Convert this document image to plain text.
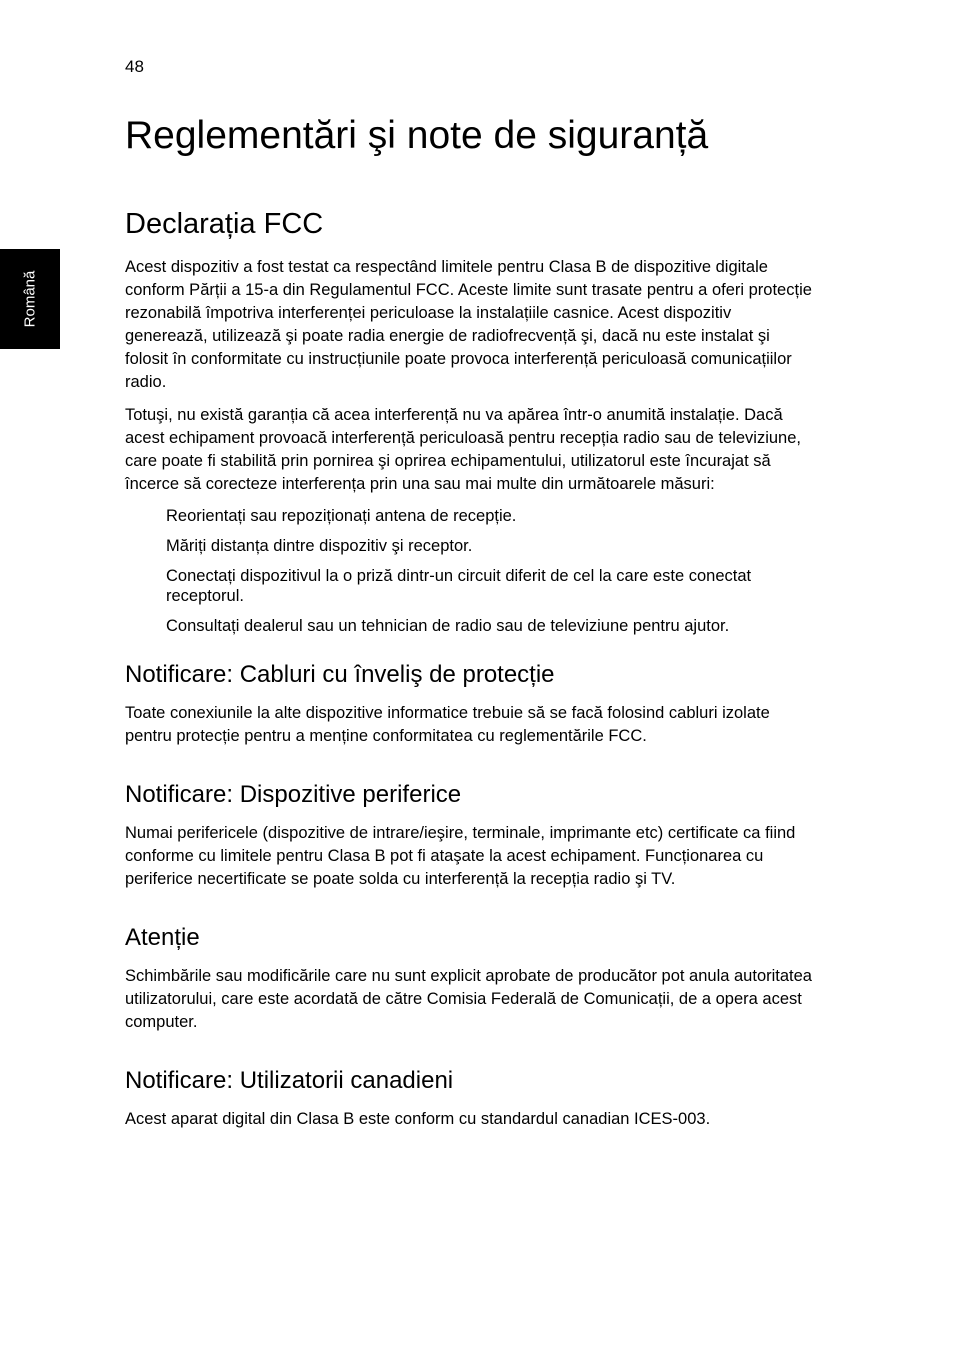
48
Română
Reglementări şi note de siguranță
Declarația FCC

Acest dispozitiv a fost testat ca respectând limitele pentru Clasa B de dispozitive digitale conform Părții a 15-a din Regulamentul FCC. Aceste limite sunt trasate pentru a oferi protecție rezonabilă împotriva interferenței periculoase la instalațiile casnice. Acest dispozitiv generează, utilizează şi poate radia energie de radiofrecvență şi, dacă nu este instalat şi folosit în conformitate cu instrucțiunile poate provoca interferență periculoasă comunicațiilor radio.

Totuşi, nu există garanția că acea interferență nu va apărea într-o anumită instalație. Dacă acest echipament provoacă interferență periculoasă pentru recepția radio sau de televiziune, care poate fi stabilită prin pornirea şi oprirea echipamentului, utilizatorul este încurajat să încerce să corecteze interferența prin una sau mai multe din următoarele măsuri:

Reorientați sau repoziționați antena de recepție.
Măriți distanța dintre dispozitiv şi receptor.
Conectați dispozitivul la o priză dintr-un circuit diferit de cel la care este conectat receptorul.
Consultați dealerul sau un tehnician de radio sau de televiziune pentru ajutor.
Notificare: Cabluri cu înveliş de protecție

Toate conexiunile la alte dispozitive informatice trebuie să se facă folosind cabluri izolate pentru protecție pentru a menține conformitatea cu reglementările FCC.

Notificare: Dispozitive periferice

Numai perifericele (dispozitive de intrare/ieşire, terminale, imprimante etc) certificate ca fiind conforme cu limitele pentru Clasa B pot fi ataşate la acest echipament. Funcționarea cu periferice necertificate se poate solda cu interferență la recepția radio şi TV.

Atenție

Schimbările sau modificările care nu sunt explicit aprobate de producător pot anula autoritatea utilizatorului, care este acordată de către Comisia Federală de Comunicații, de a opera acest computer.

Notificare: Utilizatorii canadieni

Acest aparat digital din Clasa B este conform cu standardul canadian ICES-003.
